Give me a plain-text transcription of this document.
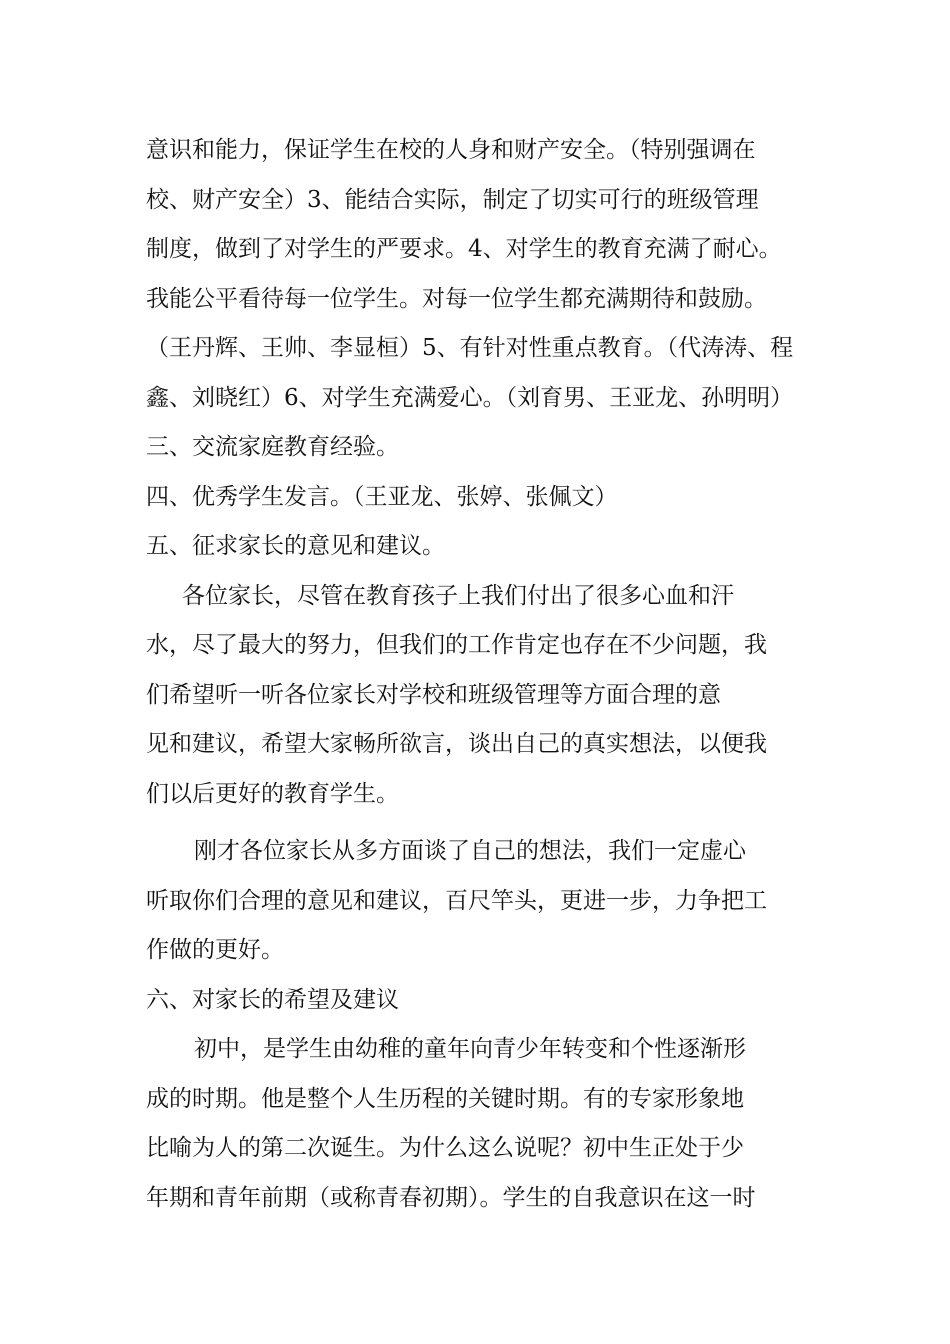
意识和能力，保证学生在校的人身和财产安全。（特别强调在
校、财产安全）3、能结合实际，制定了切实可行的班级管理
制度，做到了对学生的严要求。4、对学生的教育充满了耐心。
我能公平看待每一位学生。对每一位学生都充满期待和鼓励。
（王丹辉、王帅、李显桓）5、有针对性重点教育。（代涛涛、程
鑫、刘晓红）6、对学生充满爱心。（刘育男、王亚龙、孙明明）
三、交流家庭教育经验。
四、优秀学生发言。（王亚龙、张婷、张佩文）
五、征求家长的意见和建议。
各位家长，尽管在教育孩子上我们付出了很多心血和汗
水，尽了最大的努力，但我们的工作肯定也存在不少问题，我
们希望听一听各位家长对学校和班级管理等方面合理的意
见和建议，希望大家畅所欲言，谈出自己的真实想法，以便我
们以后更好的教育学生。
刚才各位家长从多方面谈了自己的想法，我们一定虚心
听取你们合理的意见和建议，百尺竿头，更进一步，力争把工
作做的更好。
六、对家长的希望及建议
初中，是学生由幼稚的童年向青少年转变和个性逐渐形
成的时期。他是整个人生历程的关键时期。有的专家形象地
比喻为人的第二次诞生。为什么这么说呢？初中生正处于少
年期和青年前期（或称青春初期）。学生的自我意识在这一时
